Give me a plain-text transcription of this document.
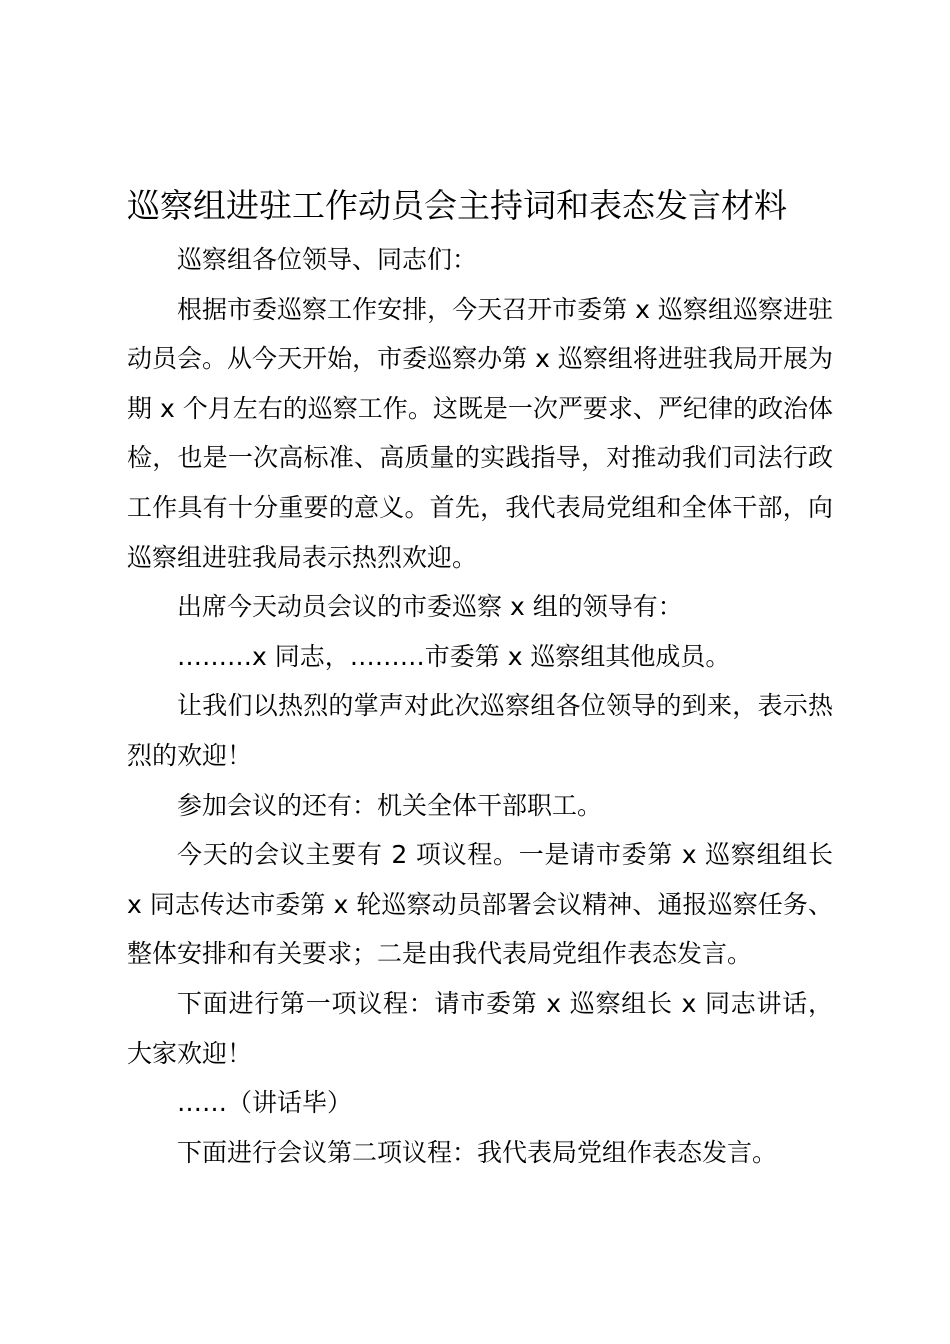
巡察组进驻工作动员会主持词和表态发言材料

巡察组各位领导、同志们：

根据市委巡察工作安排，今天召开市委第 x 巡察组巡察进驻动员会。从今天开始，市委巡察办第 x 巡察组将进驻我局开展为期 x 个月左右的巡察工作。这既是一次严要求、严纪律的政治体检，也是一次高标准、高质量的实践指导，对推动我们司法行政工作具有十分重要的意义。首先，我代表局党组和全体干部，向巡察组进驻我局表示热烈欢迎。

出席今天动员会议的市委巡察 x 组的领导有：

………x 同志，………市委第 x 巡察组其他成员。

让我们以热烈的掌声对此次巡察组各位领导的到来，表示热烈的欢迎！

参加会议的还有：机关全体干部职工。

今天的会议主要有 2 项议程。一是请市委第 x 巡察组组长 x 同志传达市委第 x 轮巡察动员部署会议精神、通报巡察任务、整体安排和有关要求；二是由我代表局党组作表态发言。

下面进行第一项议程：请市委第 x 巡察组长 x 同志讲话，大家欢迎！

……（讲话毕）

下面进行会议第二项议程：我代表局党组作表态发言。
